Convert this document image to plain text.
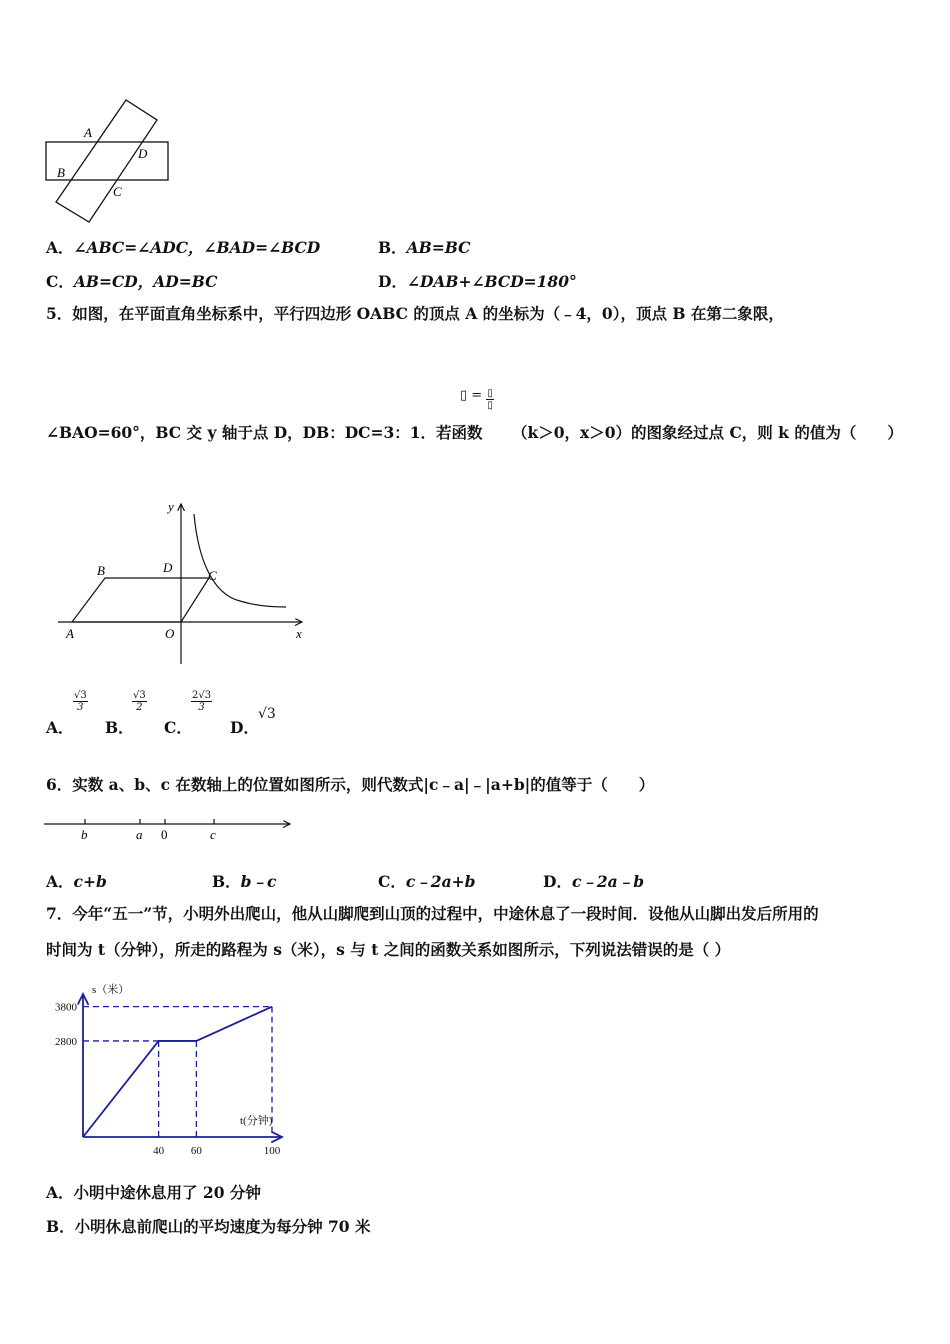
A
B
C
D
A．∠ABC=∠ADC，∠BAD=∠BCD	B．AB=BC
C．AB=CD，AD=BC	D．∠DAB+∠BCD=180°
5．如图，在平面直角坐标系中，平行四边形 OABC 的顶点 A 的坐标为（﹣4，0），顶点 B 在第二象限，
▯ = $\frac{▯}{▯}$
∠BAO=60°，BC 交 y 轴于点 D，DB：DC=3：1．若函数 （k＞0，x＞0）的图象经过点 C，则 k 的值为（　　）
y
x
A
B	C
D
O
A．
$\frac{√3}{3}$
B．
$\frac{√3}{2}$
C．
$\frac{2√3}{3}$
D．
√3
6．实数 a、b、c 在数轴上的位置如图所示，则代数式|c﹣a|﹣|a+b|的值等于（　　）
b	a 0	c
A．c+b	B．b﹣c	C．c﹣2a+b	D．c﹣2a﹣b
7．今年“五一”节，小明外出爬山，他从山脚爬到山顶的过程中，中途休息了一段时间．设他从山脚出发后所用的
时间为 t（分钟），所走的路程为 s（米），s 与 t 之间的函数关系如图所示，下列说法错误的是（ ）
s（米）
t(分钟)
2800
3800
40 60	100
A．小明中途休息用了 20 分钟
B．小明休息前爬山的平均速度为每分钟 70 米
